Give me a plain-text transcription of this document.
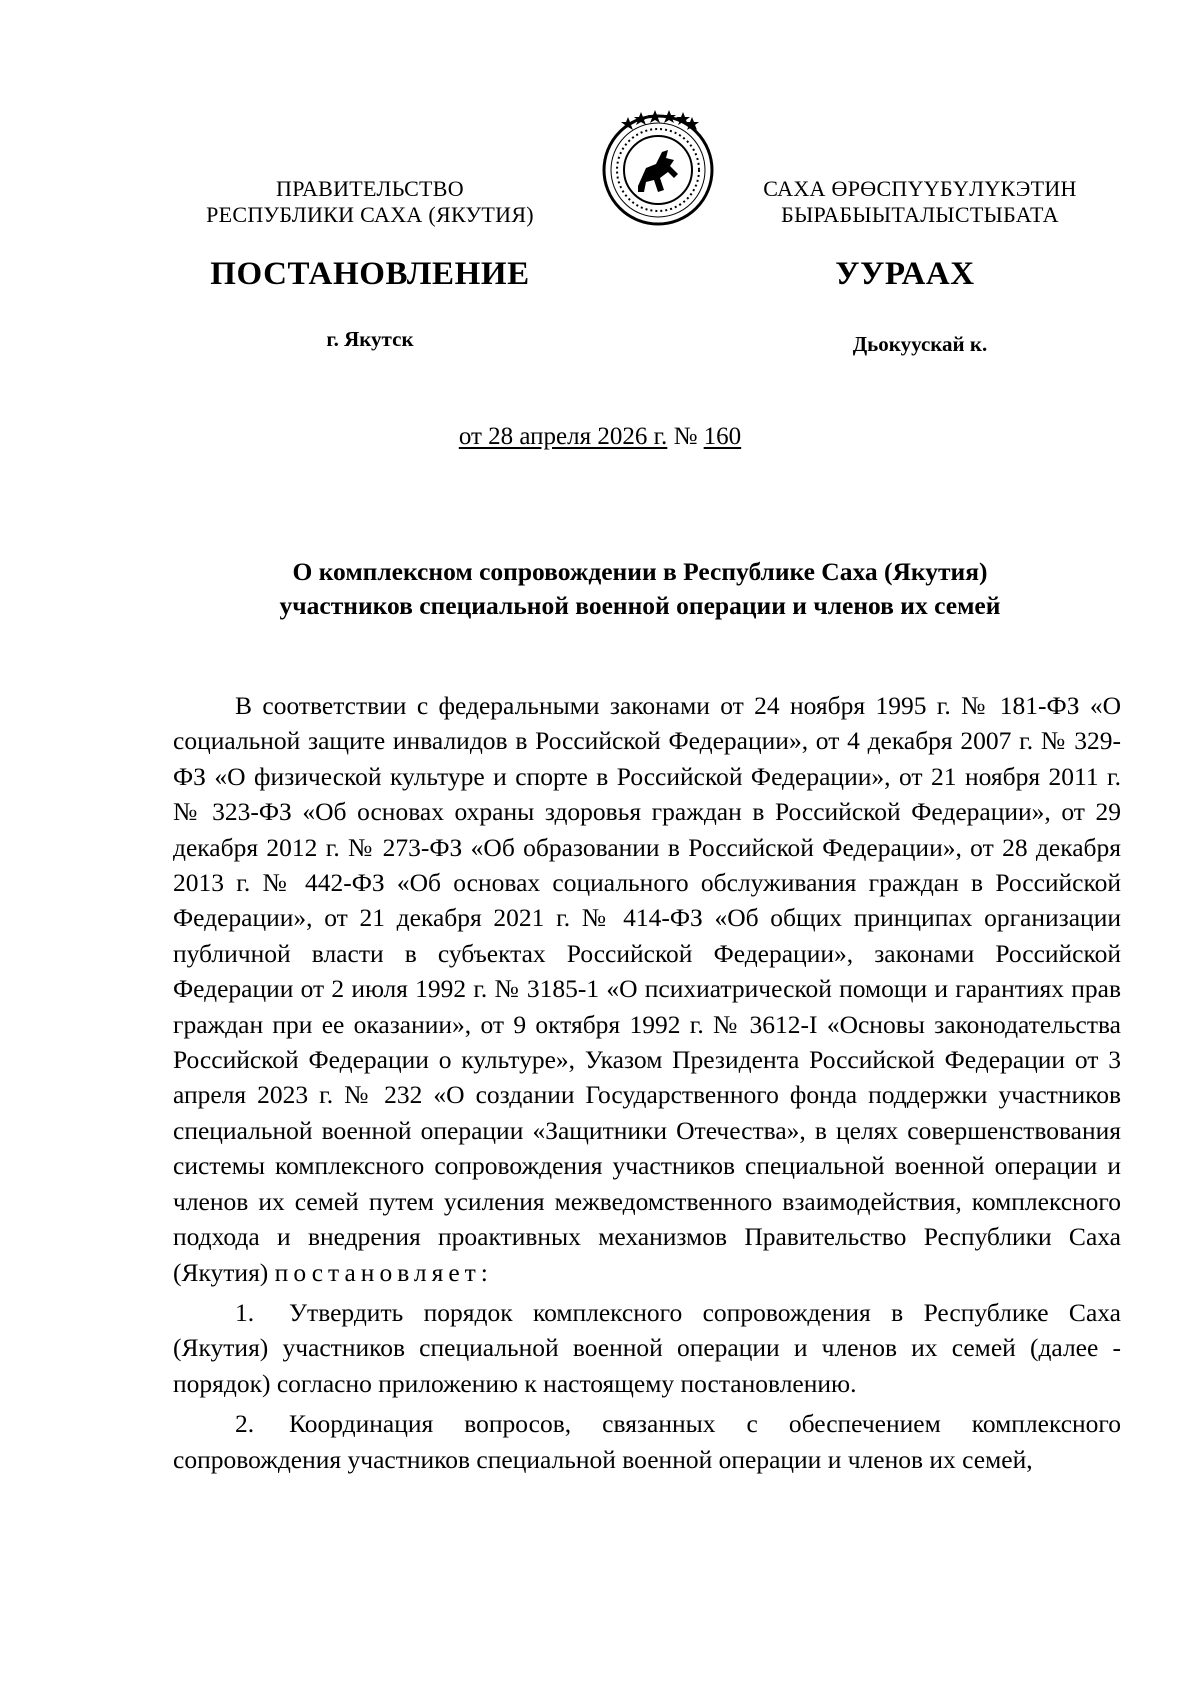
ПРАВИТЕЛЬСТВО
РЕСПУБЛИКИ САХА (ЯКУТИЯ)
САХА ӨРӨСПҮҮБҮЛҮКЭТИН
БЫРАБЫЫТАЛЫСТЫБАТА
ПОСТАНОВЛЕНИЕ	УУРААХ
г. Якутск	Дьокуускай к.
от 28 апреля 2026 г. № 160
О комплексном сопровождении в Республике Саха (Якутия)
участников специальной военной операции и членов их семей

В соответствии с федеральными законами от 24 ноября 1995 г. № 181-ФЗ «О социальной защите инвалидов в Российской Федерации», от 4 декабря 2007 г. № 329-ФЗ «О физической культуре и спорте в Российской Федерации», от 21 ноября 2011 г. № 323-ФЗ «Об основах охраны здоровья граждан в Российской Федерации», от 29 декабря 2012 г. № 273-ФЗ «Об образовании в Российской Федерации», от 28 декабря 2013 г. № 442-ФЗ «Об основах социального обслуживания граждан в Российской Федерации», от 21 декабря 2021 г. № 414-ФЗ «Об общих принципах организации публичной власти в субъектах Российской Федерации», законами Российской Федерации от 2 июля 1992 г. № 3185-1 «О психиатрической помощи и гарантиях прав граждан при ее оказании», от 9 октября 1992 г. № 3612-I «Основы законодательства Российской Федерации о культуре», Указом Президента Российской Федерации от 3 апреля 2023 г. № 232 «О создании Государственного фонда поддержки участников специальной военной операции «Защитники Отечества», в целях совершенствования системы комплексного сопровождения участников специальной военной операции и членов их семей путем усиления межведомственного взаимодействия, комплексного подхода и внедрения проактивных механизмов Правительство Республики Саха (Якутия) постановляет:

1. Утвердить порядок комплексного сопровождения в Республике Саха (Якутия) участников специальной военной операции и членов их семей (далее - порядок) согласно приложению к настоящему постановлению.

2. Координация вопросов, связанных с обеспечением комплексного сопровождения участников специальной военной операции и членов их семей,
